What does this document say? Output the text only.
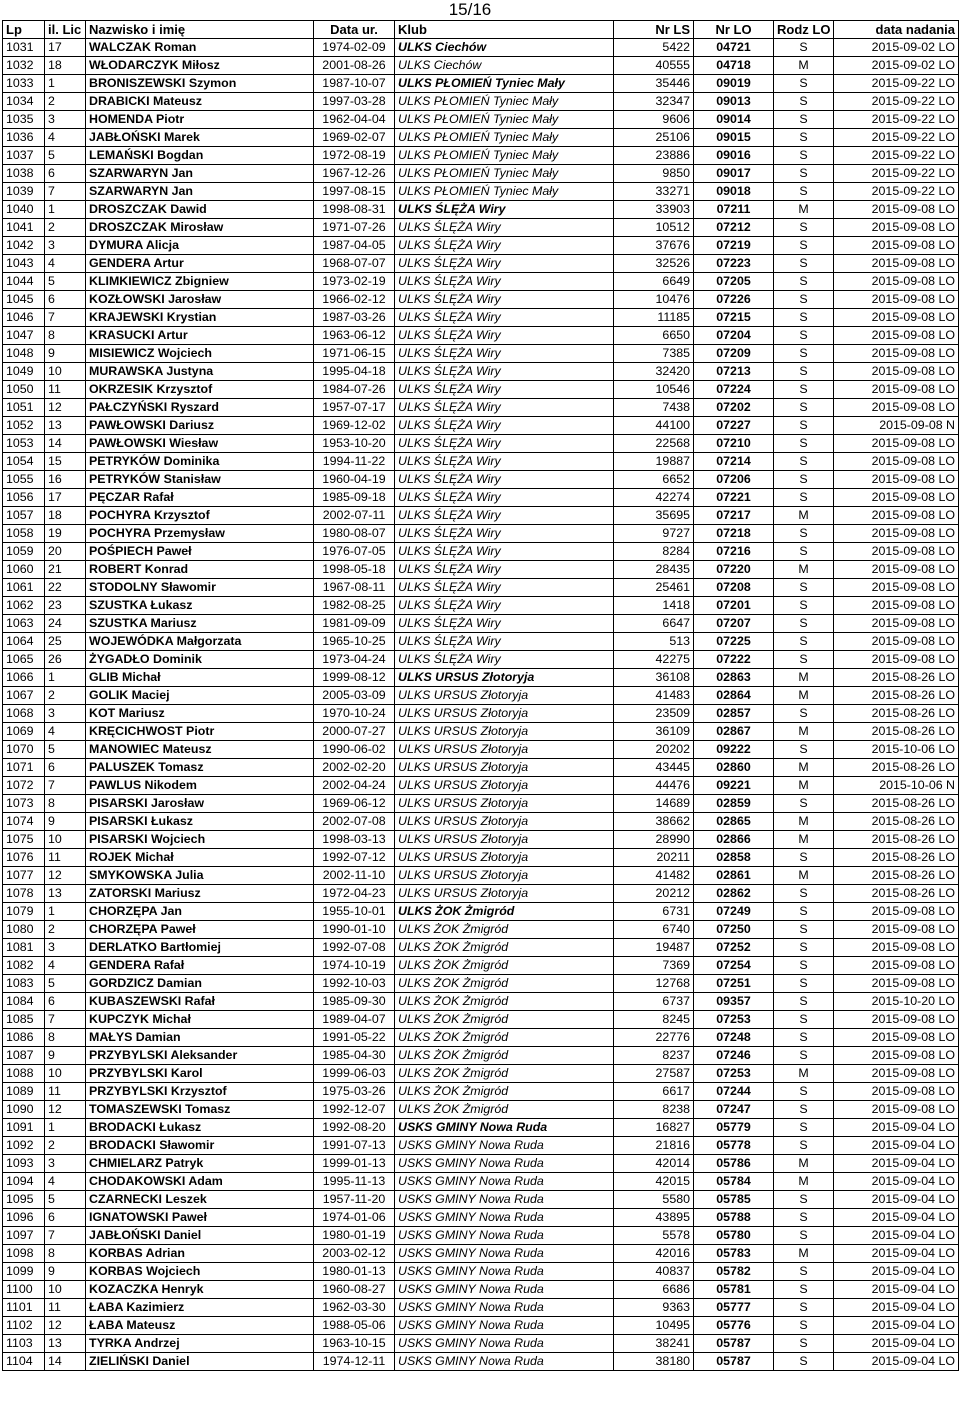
15/16
Lp	il. Lic	Nazwisko i imię	Data ur.	Klub	Nr LS	Nr LO	Rodz LO	data nadania
1031	17	WALCZAK Roman	1974-02-09	ULKS Ciechów	5422	04721	S	2015-09-02 LO
1032	18	WŁODARCZYK Miłosz	2001-08-26	ULKS Ciechów	40555	04718	M	2015-09-02 LO
1033	1	BRONISZEWSKI Szymon	1987-10-07	ULKS PŁOMIEŃ Tyniec Mały	35446	09019	S	2015-09-22 LO
1034	2	DRABICKI Mateusz	1997-03-28	ULKS PŁOMIEŃ Tyniec Mały	32347	09013	S	2015-09-22 LO
1035	3	HOMENDA Piotr	1962-04-04	ULKS PŁOMIEŃ Tyniec Mały	9606	09014	S	2015-09-22 LO
1036	4	JABŁOŃSKI Marek	1969-02-07	ULKS PŁOMIEŃ Tyniec Mały	25106	09015	S	2015-09-22 LO
1037	5	LEMAŃSKI Bogdan	1972-08-19	ULKS PŁOMIEŃ Tyniec Mały	23886	09016	S	2015-09-22 LO
1038	6	SZARWARYN Jan	1967-12-26	ULKS PŁOMIEŃ Tyniec Mały	9850	09017	S	2015-09-22 LO
1039	7	SZARWARYN Jan	1997-08-15	ULKS PŁOMIEŃ Tyniec Mały	33271	09018	S	2015-09-22 LO
1040	1	DROSZCZAK Dawid	1998-08-31	ULKS ŚLĘŻA Wiry	33903	07211	M	2015-09-08 LO
1041	2	DROSZCZAK Mirosław	1971-07-26	ULKS ŚLĘŻA Wiry	10512	07212	S	2015-09-08 LO
1042	3	DYMURA Alicja	1987-04-05	ULKS ŚLĘŻA Wiry	37676	07219	S	2015-09-08 LO
1043	4	GENDERA Artur	1968-07-07	ULKS ŚLĘŻA Wiry	32526	07223	S	2015-09-08 LO
1044	5	KLIMKIEWICZ Zbigniew	1973-02-19	ULKS ŚLĘŻA Wiry	6649	07205	S	2015-09-08 LO
1045	6	KOZŁOWSKI Jarosław	1966-02-12	ULKS ŚLĘŻA Wiry	10476	07226	S	2015-09-08 LO
1046	7	KRAJEWSKI Krystian	1987-03-26	ULKS ŚLĘŻA Wiry	11185	07215	S	2015-09-08 LO
1047	8	KRASUCKI Artur	1963-06-12	ULKS ŚLĘŻA Wiry	6650	07204	S	2015-09-08 LO
1048	9	MISIEWICZ Wojciech	1971-06-15	ULKS ŚLĘŻA Wiry	7385	07209	S	2015-09-08 LO
1049	10	MURAWSKA Justyna	1995-04-18	ULKS ŚLĘŻA Wiry	32420	07213	S	2015-09-08 LO
1050	11	OKRZESIK Krzysztof	1984-07-26	ULKS ŚLĘŻA Wiry	10546	07224	S	2015-09-08 LO
1051	12	PAŁCZYŃSKI Ryszard	1957-07-17	ULKS ŚLĘŻA Wiry	7438	07202	S	2015-09-08 LO
1052	13	PAWŁOWSKI Dariusz	1969-12-02	ULKS ŚLĘŻA Wiry	44100	07227	S	2015-09-08 N
1053	14	PAWŁOWSKI Wiesław	1953-10-20	ULKS ŚLĘŻA Wiry	22568	07210	S	2015-09-08 LO
1054	15	PETRYKÓW Dominika	1994-11-22	ULKS ŚLĘŻA Wiry	19887	07214	S	2015-09-08 LO
1055	16	PETRYKÓW Stanisław	1960-04-19	ULKS ŚLĘŻA Wiry	6652	07206	S	2015-09-08 LO
1056	17	PĘCZAR Rafał	1985-09-18	ULKS ŚLĘŻA Wiry	42274	07221	S	2015-09-08 LO
1057	18	POCHYRA Krzysztof	2002-07-11	ULKS ŚLĘŻA Wiry	35695	07217	M	2015-09-08 LO
1058	19	POCHYRA Przemysław	1980-08-07	ULKS ŚLĘŻA Wiry	9727	07218	S	2015-09-08 LO
1059	20	POŚPIECH Paweł	1976-07-05	ULKS ŚLĘŻA Wiry	8284	07216	S	2015-09-08 LO
1060	21	ROBERT Konrad	1998-05-18	ULKS ŚLĘŻA Wiry	28435	07220	M	2015-09-08 LO
1061	22	STODOLNY Sławomir	1967-08-11	ULKS ŚLĘŻA Wiry	25461	07208	S	2015-09-08 LO
1062	23	SZUSTKA Łukasz	1982-08-25	ULKS ŚLĘŻA Wiry	1418	07201	S	2015-09-08 LO
1063	24	SZUSTKA Mariusz	1981-09-09	ULKS ŚLĘŻA Wiry	6647	07207	S	2015-09-08 LO
1064	25	WOJEWÓDKA Małgorzata	1965-10-25	ULKS ŚLĘŻA Wiry	513	07225	S	2015-09-08 LO
1065	26	ŻYGADŁO Dominik	1973-04-24	ULKS ŚLĘŻA Wiry	42275	07222	S	2015-09-08 LO
1066	1	GLIB Michał	1999-08-12	ULKS URSUS Złotoryja	36108	02863	M	2015-08-26 LO
1067	2	GOLIK Maciej	2005-03-09	ULKS URSUS Złotoryja	41483	02864	M	2015-08-26 LO
1068	3	KOT Mariusz	1970-10-24	ULKS URSUS Złotoryja	23509	02857	S	2015-08-26 LO
1069	4	KRĘCICHWOST Piotr	2000-07-27	ULKS URSUS Złotoryja	36109	02867	M	2015-08-26 LO
1070	5	MANOWIEC Mateusz	1990-06-02	ULKS URSUS Złotoryja	20202	09222	S	2015-10-06 LO
1071	6	PALUSZEK Tomasz	2002-02-20	ULKS URSUS Złotoryja	43445	02860	M	2015-08-26 LO
1072	7	PAWLUS Nikodem	2002-04-24	ULKS URSUS Złotoryja	44476	09221	M	2015-10-06 N
1073	8	PISARSKI Jarosław	1969-06-12	ULKS URSUS Złotoryja	14689	02859	S	2015-08-26 LO
1074	9	PISARSKI Łukasz	2002-07-08	ULKS URSUS Złotoryja	38662	02865	M	2015-08-26 LO
1075	10	PISARSKI Wojciech	1998-03-13	ULKS URSUS Złotoryja	28990	02866	M	2015-08-26 LO
1076	11	ROJEK Michał	1992-07-12	ULKS URSUS Złotoryja	20211	02858	S	2015-08-26 LO
1077	12	SMYKOWSKA Julia	2002-11-10	ULKS URSUS Złotoryja	41482	02861	M	2015-08-26 LO
1078	13	ZATORSKI Mariusz	1972-04-23	ULKS URSUS Złotoryja	20212	02862	S	2015-08-26 LO
1079	1	CHORZĘPA Jan	1955-10-01	ULKS ŻOK Żmigród	6731	07249	S	2015-09-08 LO
1080	2	CHORZĘPA Paweł	1990-01-10	ULKS ŻOK Żmigród	6740	07250	S	2015-09-08 LO
1081	3	DERLATKO Bartłomiej	1992-07-08	ULKS ŻOK Żmigród	19487	07252	S	2015-09-08 LO
1082	4	GENDERA Rafał	1974-10-19	ULKS ŻOK Żmigród	7369	07254	S	2015-09-08 LO
1083	5	GORDZICZ Damian	1992-10-03	ULKS ŻOK Żmigród	12768	07251	S	2015-09-08 LO
1084	6	KUBASZEWSKI Rafał	1985-09-30	ULKS ŻOK Żmigród	6737	09357	S	2015-10-20 LO
1085	7	KUPCZYK Michał	1989-04-07	ULKS ŻOK Żmigród	8245	07253	S	2015-09-08 LO
1086	8	MAŁYS Damian	1991-05-22	ULKS ŻOK Żmigród	22776	07248	S	2015-09-08 LO
1087	9	PRZYBYLSKI Aleksander	1985-04-30	ULKS ŻOK Żmigród	8237	07246	S	2015-09-08 LO
1088	10	PRZYBYLSKI Karol	1999-06-03	ULKS ŻOK Żmigród	27587	07253	M	2015-09-08 LO
1089	11	PRZYBYLSKI Krzysztof	1975-03-26	ULKS ŻOK Żmigród	6617	07244	S	2015-09-08 LO
1090	12	TOMASZEWSKI Tomasz	1992-12-07	ULKS ŻOK Żmigród	8238	07247	S	2015-09-08 LO
1091	1	BRODACKI Łukasz	1992-08-20	USKS GMINY Nowa Ruda	16827	05779	S	2015-09-04 LO
1092	2	BRODACKI Sławomir	1991-07-13	USKS GMINY Nowa Ruda	21816	05778	S	2015-09-04 LO
1093	3	CHMIELARZ Patryk	1999-01-13	USKS GMINY Nowa Ruda	42014	05786	M	2015-09-04 LO
1094	4	CHODAKOWSKI Adam	1995-11-13	USKS GMINY Nowa Ruda	42015	05784	M	2015-09-04 LO
1095	5	CZARNECKI Leszek	1957-11-20	USKS GMINY Nowa Ruda	5580	05785	S	2015-09-04 LO
1096	6	IGNATOWSKI Paweł	1974-01-06	USKS GMINY Nowa Ruda	43895	05788	S	2015-09-04 LO
1097	7	JABŁOŃSKI Daniel	1980-01-19	USKS GMINY Nowa Ruda	5578	05780	S	2015-09-04 LO
1098	8	KORBAS Adrian	2003-02-12	USKS GMINY Nowa Ruda	42016	05783	M	2015-09-04 LO
1099	9	KORBAS Wojciech	1980-01-13	USKS GMINY Nowa Ruda	40837	05782	S	2015-09-04 LO
1100	10	KOZACZKA Henryk	1960-08-27	USKS GMINY Nowa Ruda	6686	05781	S	2015-09-04 LO
1101	11	ŁABA Kazimierz	1962-03-30	USKS GMINY Nowa Ruda	9363	05777	S	2015-09-04 LO
1102	12	ŁABA Mateusz	1988-05-06	USKS GMINY Nowa Ruda	10495	05776	S	2015-09-04 LO
1103	13	TYRKA Andrzej	1963-10-15	USKS GMINY Nowa Ruda	38241	05787	S	2015-09-04 LO
1104	14	ZIELIŃSKI Daniel	1974-12-11	USKS GMINY Nowa Ruda	38180	05787	S	2015-09-04 LO
